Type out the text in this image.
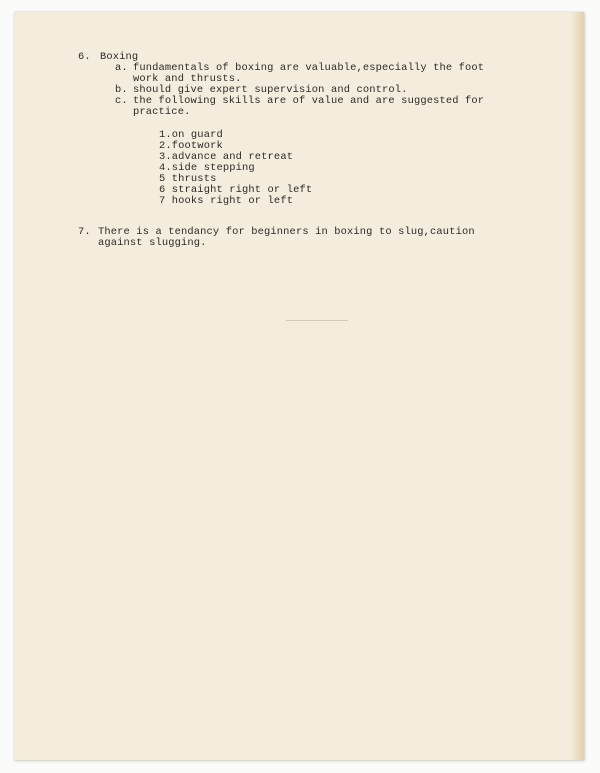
6. Boxing
a. fundamentals of boxing are valuable,especially the foot
work and thrusts.
b. should give expert supervision and control.
c. the following skills are of value and are suggested for
practice.
1.on guard
2.footwork
3.advance and retreat
4.side stepping
5 thrusts
6 straight right or left
7 hooks right or left
7. There is a tendancy for beginners in boxing to slug,caution
against slugging.
